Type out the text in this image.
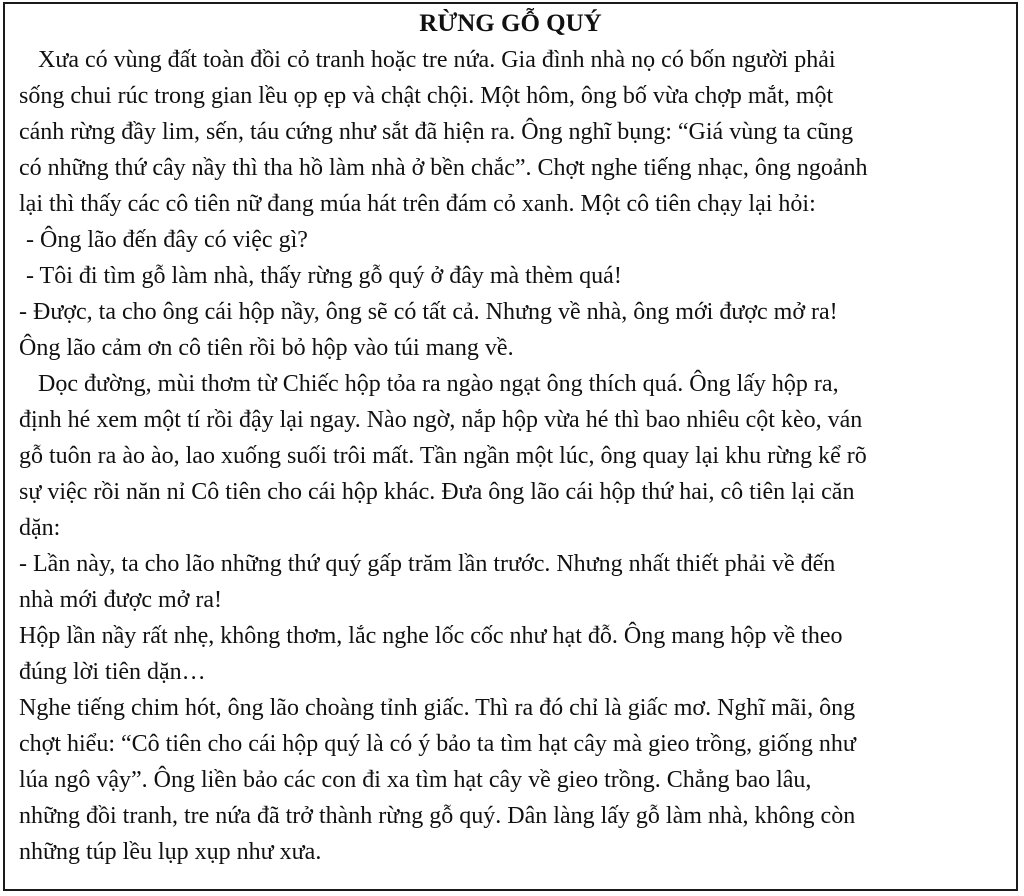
RỪNG GỖ QUÝ

Xưa có vùng đất toàn đồi cỏ tranh hoặc tre nứa. Gia đình nhà nọ có bốn người phải

sống chui rúc trong gian lều ọp ẹp và chật chội. Một hôm, ông bố vừa chợp mắt, một

cánh rừng đầy lim, sến, táu cứng như sắt đã hiện ra. Ông nghĩ bụng: “Giá vùng ta cũng

có những thứ cây nầy thì tha hồ làm nhà ở bền chắc”. Chợt nghe tiếng nhạc, ông ngoảnh

lại thì thấy các cô tiên nữ đang múa hát trên đám cỏ xanh. Một cô tiên chạy lại hỏi:

- Ông lão đến đây có việc gì?

- Tôi đi tìm gỗ làm nhà, thấy rừng gỗ quý ở đây mà thèm quá!

- Được, ta cho ông cái hộp nầy, ông sẽ có tất cả. Nhưng về nhà, ông mới được mở ra!

Ông lão cảm ơn cô tiên rồi bỏ hộp vào túi mang về.

Dọc đường, mùi thơm từ Chiếc hộp tỏa ra ngào ngạt ông thích quá. Ông lấy hộp ra,

định hé xem một tí rồi đậy lại ngay. Nào ngờ, nắp hộp vừa hé thì bao nhiêu cột kèo, ván

gỗ tuôn ra ào ào, lao xuống suối trôi mất. Tần ngần một lúc, ông quay lại khu rừng kể rõ

sự việc rồi năn nỉ Cô tiên cho cái hộp khác. Đưa ông lão cái hộp thứ hai, cô tiên lại căn

dặn:

- Lần này, ta cho lão những thứ quý gấp trăm lần trước. Nhưng nhất thiết phải về đến

nhà mới được mở ra!

Hộp lần nầy rất nhẹ, không thơm, lắc nghe lốc cốc như hạt đỗ. Ông mang hộp về theo

đúng lời tiên dặn…

Nghe tiếng chim hót, ông lão choàng tỉnh giấc. Thì ra đó chỉ là giấc mơ. Nghĩ mãi, ông

chợt hiểu: “Cô tiên cho cái hộp quý là có ý bảo ta tìm hạt cây mà gieo trồng, giống như

lúa ngô vậy”. Ông liền bảo các con đi xa tìm hạt cây về gieo trồng. Chẳng bao lâu,

những đồi tranh, tre nứa đã trở thành rừng gỗ quý. Dân làng lấy gỗ làm nhà, không còn

những túp lều lụp xụp như xưa.
